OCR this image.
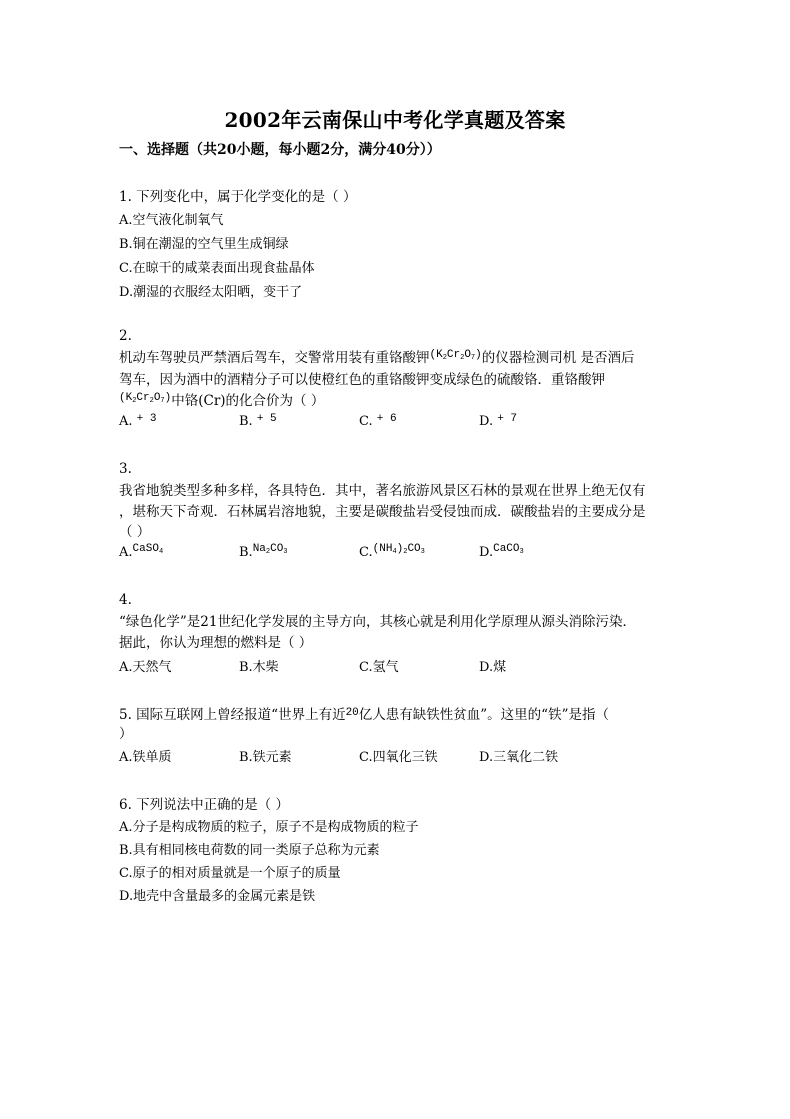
2002年云南保山中考化学真题及答案
一、选择题（共20小题，每小题2分，满分40分））
1. 下列变化中，属于化学变化的是（ ）
A.空气液化制氧气
B.铜在潮湿的空气里生成铜绿
C.在晾干的咸菜表面出现食盐晶体
D.潮湿的衣服经太阳晒，变干了
2.
机动车驾驶员严禁酒后驾车，交警常用装有重铬酸钾$^{(K_2Cr_2O_7)}$的仪器检测司机 是否酒后
驾车，因为酒中的酒精分子可以使橙红色的重铬酸钾变成绿色的硫酸铬．重铬酸钾
$^{(K_2Cr_2O_7)}$中铬(Cr)的化合价为（ ）
A. $^{+ 3}$	B. $^{+ 5}$	C. $^{+ 6}$	D. $^{+ 7}$
3.
我省地貌类型多种多样，各具特色．其中，著名旅游风景区石林的景观在世界上绝无仅有
，堪称天下奇观．石林属岩溶地貌，主要是碳酸盐岩受侵蚀而成．碳酸盐岩的主要成分是
（ ）
A.$^{CaSO_4}$	B.$^{Na_2CO_3}$	C.$^{(NH_4)_2CO_3}$	D.$^{CaCO_3}$
4.
“绿色化学”是21世纪化学发展的主导方向，其核心就是利用化学原理从源头消除污染．
据此，你认为理想的燃料是（ ）
A.天然气	B.木柴	C.氢气	D.煤
5. 国际互联网上曾经报道“世界上有近$^{20}$亿人患有缺铁性贫血”。这里的“铁”是指（
）
A.铁单质	B.铁元素	C.四氧化三铁	D.三氧化二铁
6. 下列说法中正确的是（ ）
A.分子是构成物质的粒子，原子不是构成物质的粒子
B.具有相同核电荷数的同一类原子总称为元素
C.原子的相对质量就是一个原子的质量
D.地壳中含量最多的金属元素是铁
